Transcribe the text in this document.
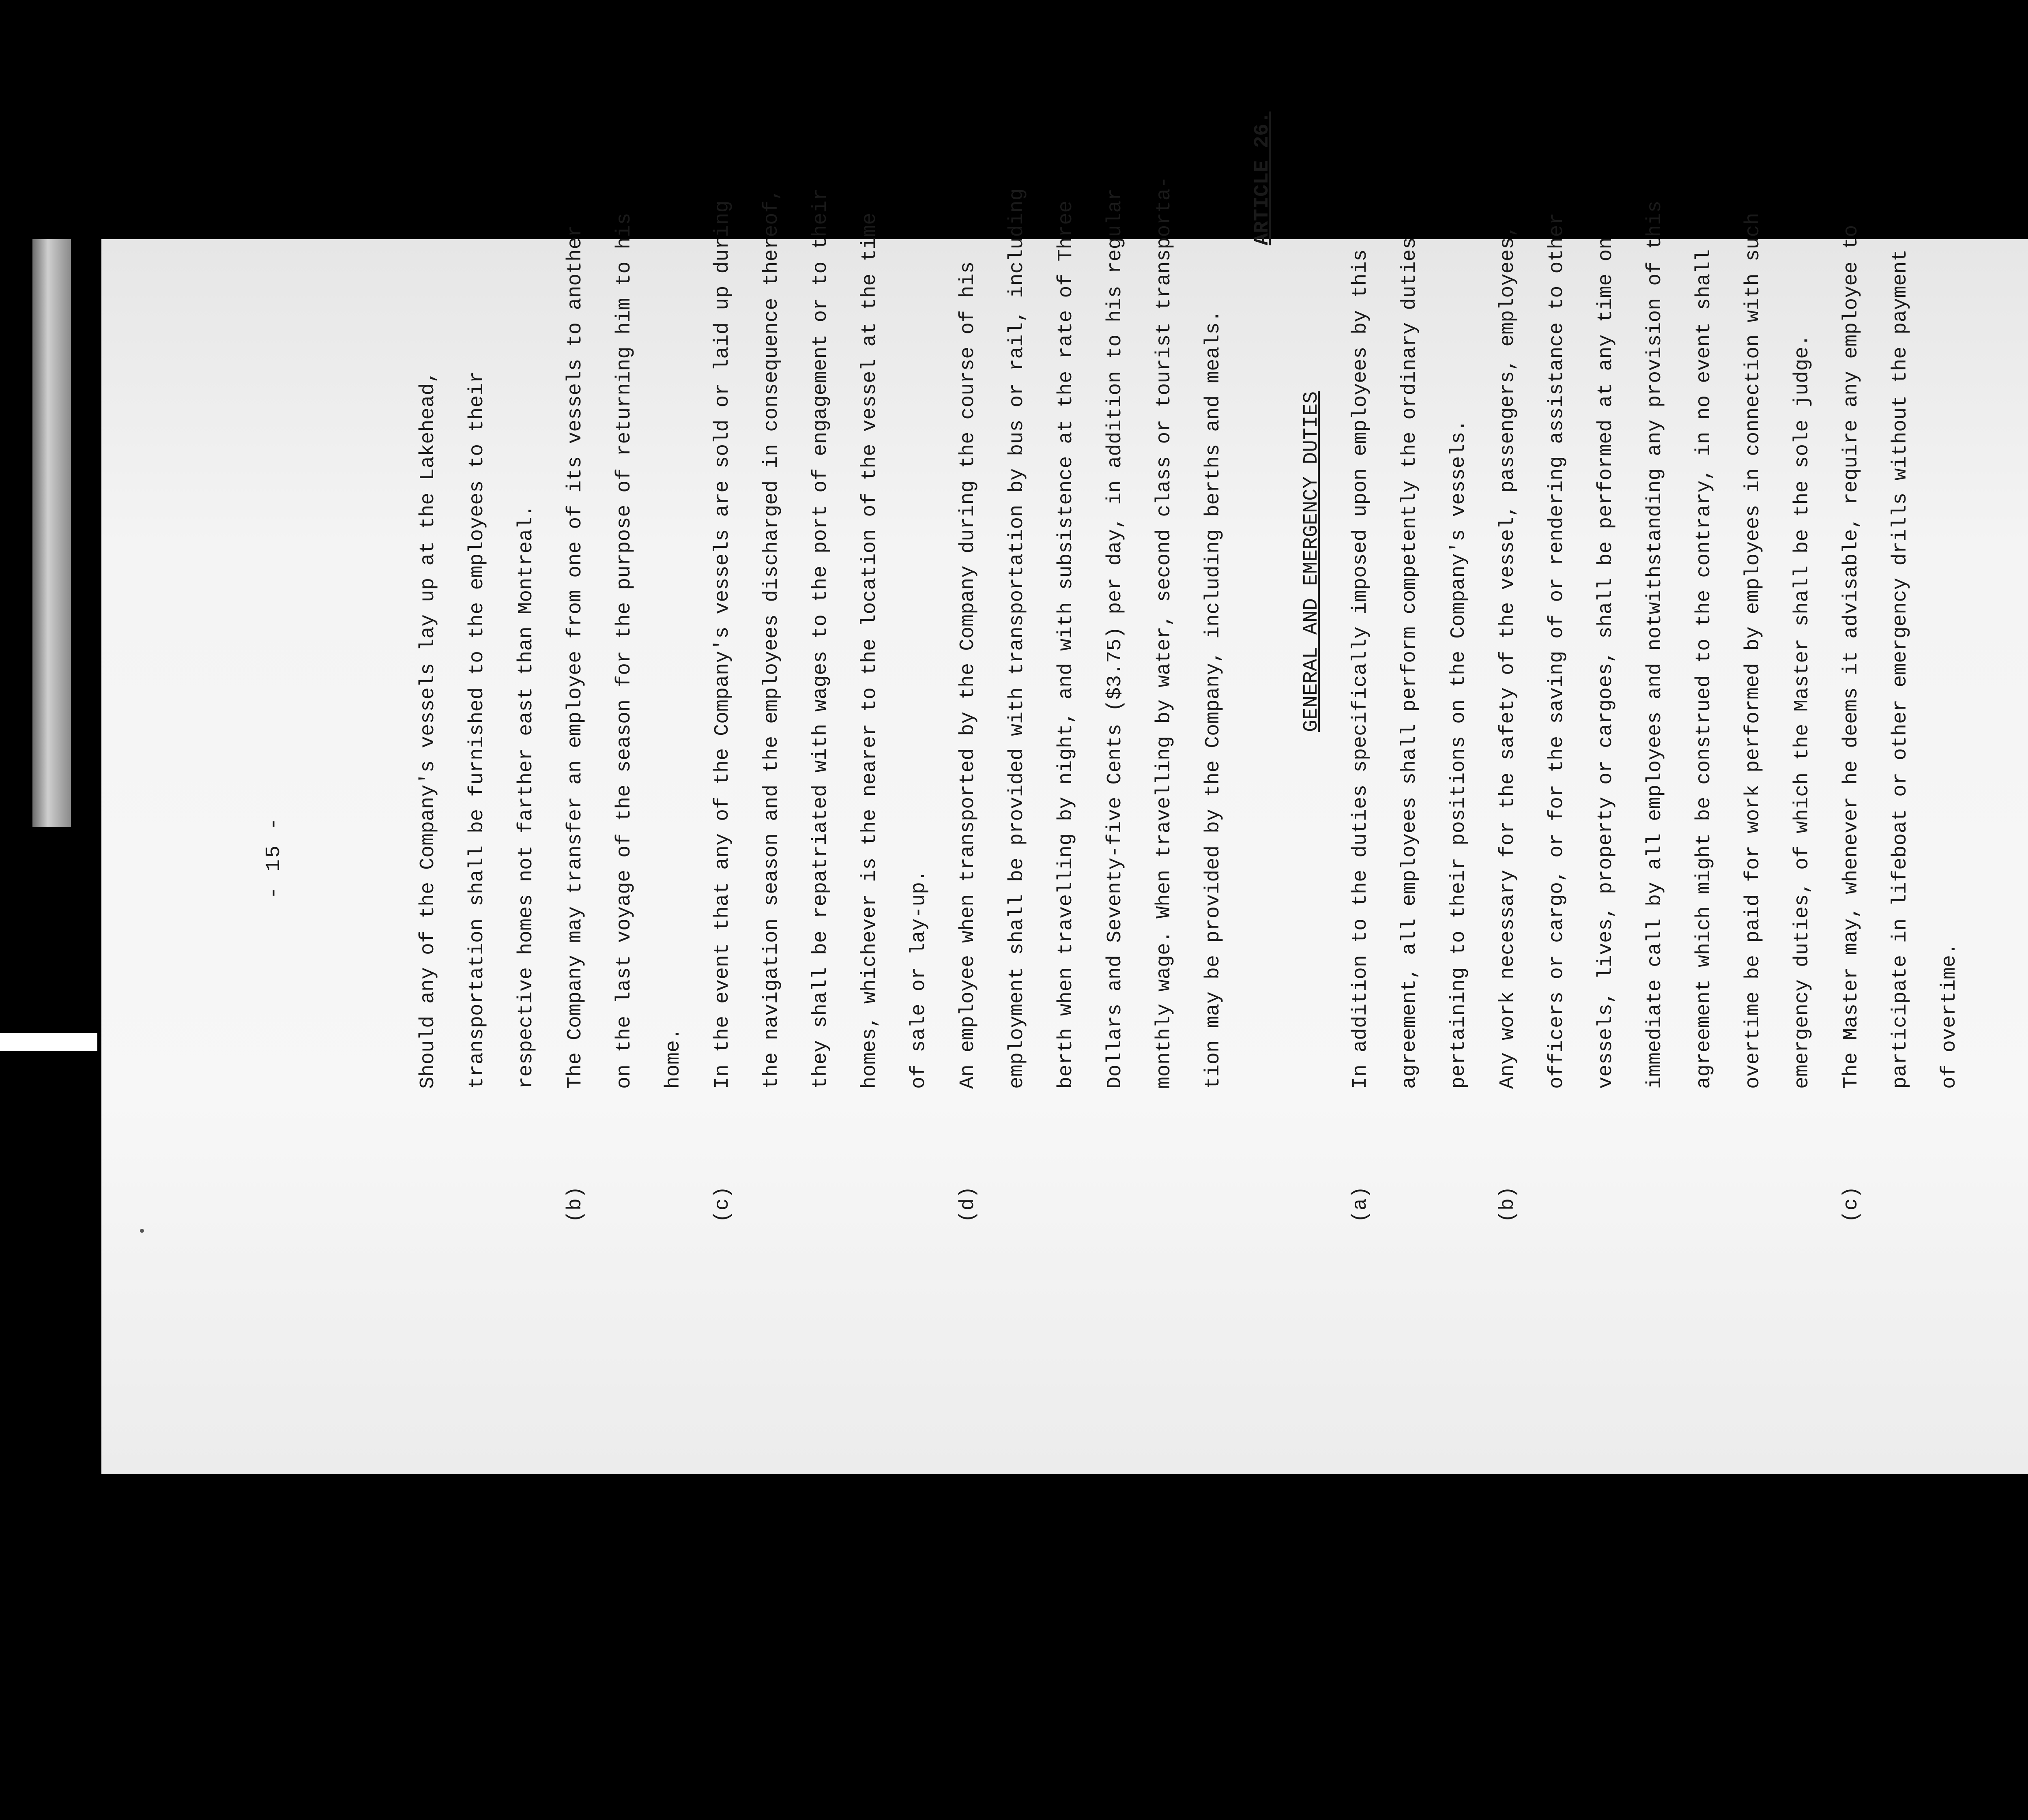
- 15 -	Should any of the Company's vessels lay up at the Lakehead,	transportation shall be furnished to the employees to their	respective homes not farther east than Montreal.
(b)
The Company may transfer an employee from one of its vessels to another	on the last voyage of the season for the purpose of returning him to his	home.
(c)
In the event that any of the Company's vessels are sold or laid up during	the navigation season and the employees discharged in consequence thereof,	they shall be repatriated with wages to the port of engagement or to their	homes, whichever is the nearer to the location of the vessel at the time	of sale or lay-up.
(d)
An employee when transported by the Company during the course of his	employment shall be provided with transportation by bus or rail, including	berth when travelling by night, and with subsistence at the rate of Three	Dollars and Seventy-five Cents ($3.75) per day, in addition to his regular	monthly wage. When travelling by water, second class or tourist transporta-	tion may be provided by the Company, including berths and meals.
ARTICLE 26.
GENERAL AND EMERGENCY DUTIES
(a)
In addition to the duties specifically imposed upon employees by this	agreement, all employees shall perform competently the ordinary duties	pertaining to their positions on the Company's vessels.
(b)
Any work necessary for the safety of the vessel, passengers, employees,	officers or cargo, or for the saving of or rendering assistance to other	vessels, lives, property or cargoes, shall be performed at any time on	immediate call by all employees and notwithstanding any provision of this	agreement which might be construed to the contrary, in no event shall	overtime be paid for work performed by employees in connection with such	emergency duties, of which the Master shall be the sole judge.
(c)
The Master may, whenever he deems it advisable, require any employee to	participate in lifeboat or other emergency drills without the payment	of overtime.
